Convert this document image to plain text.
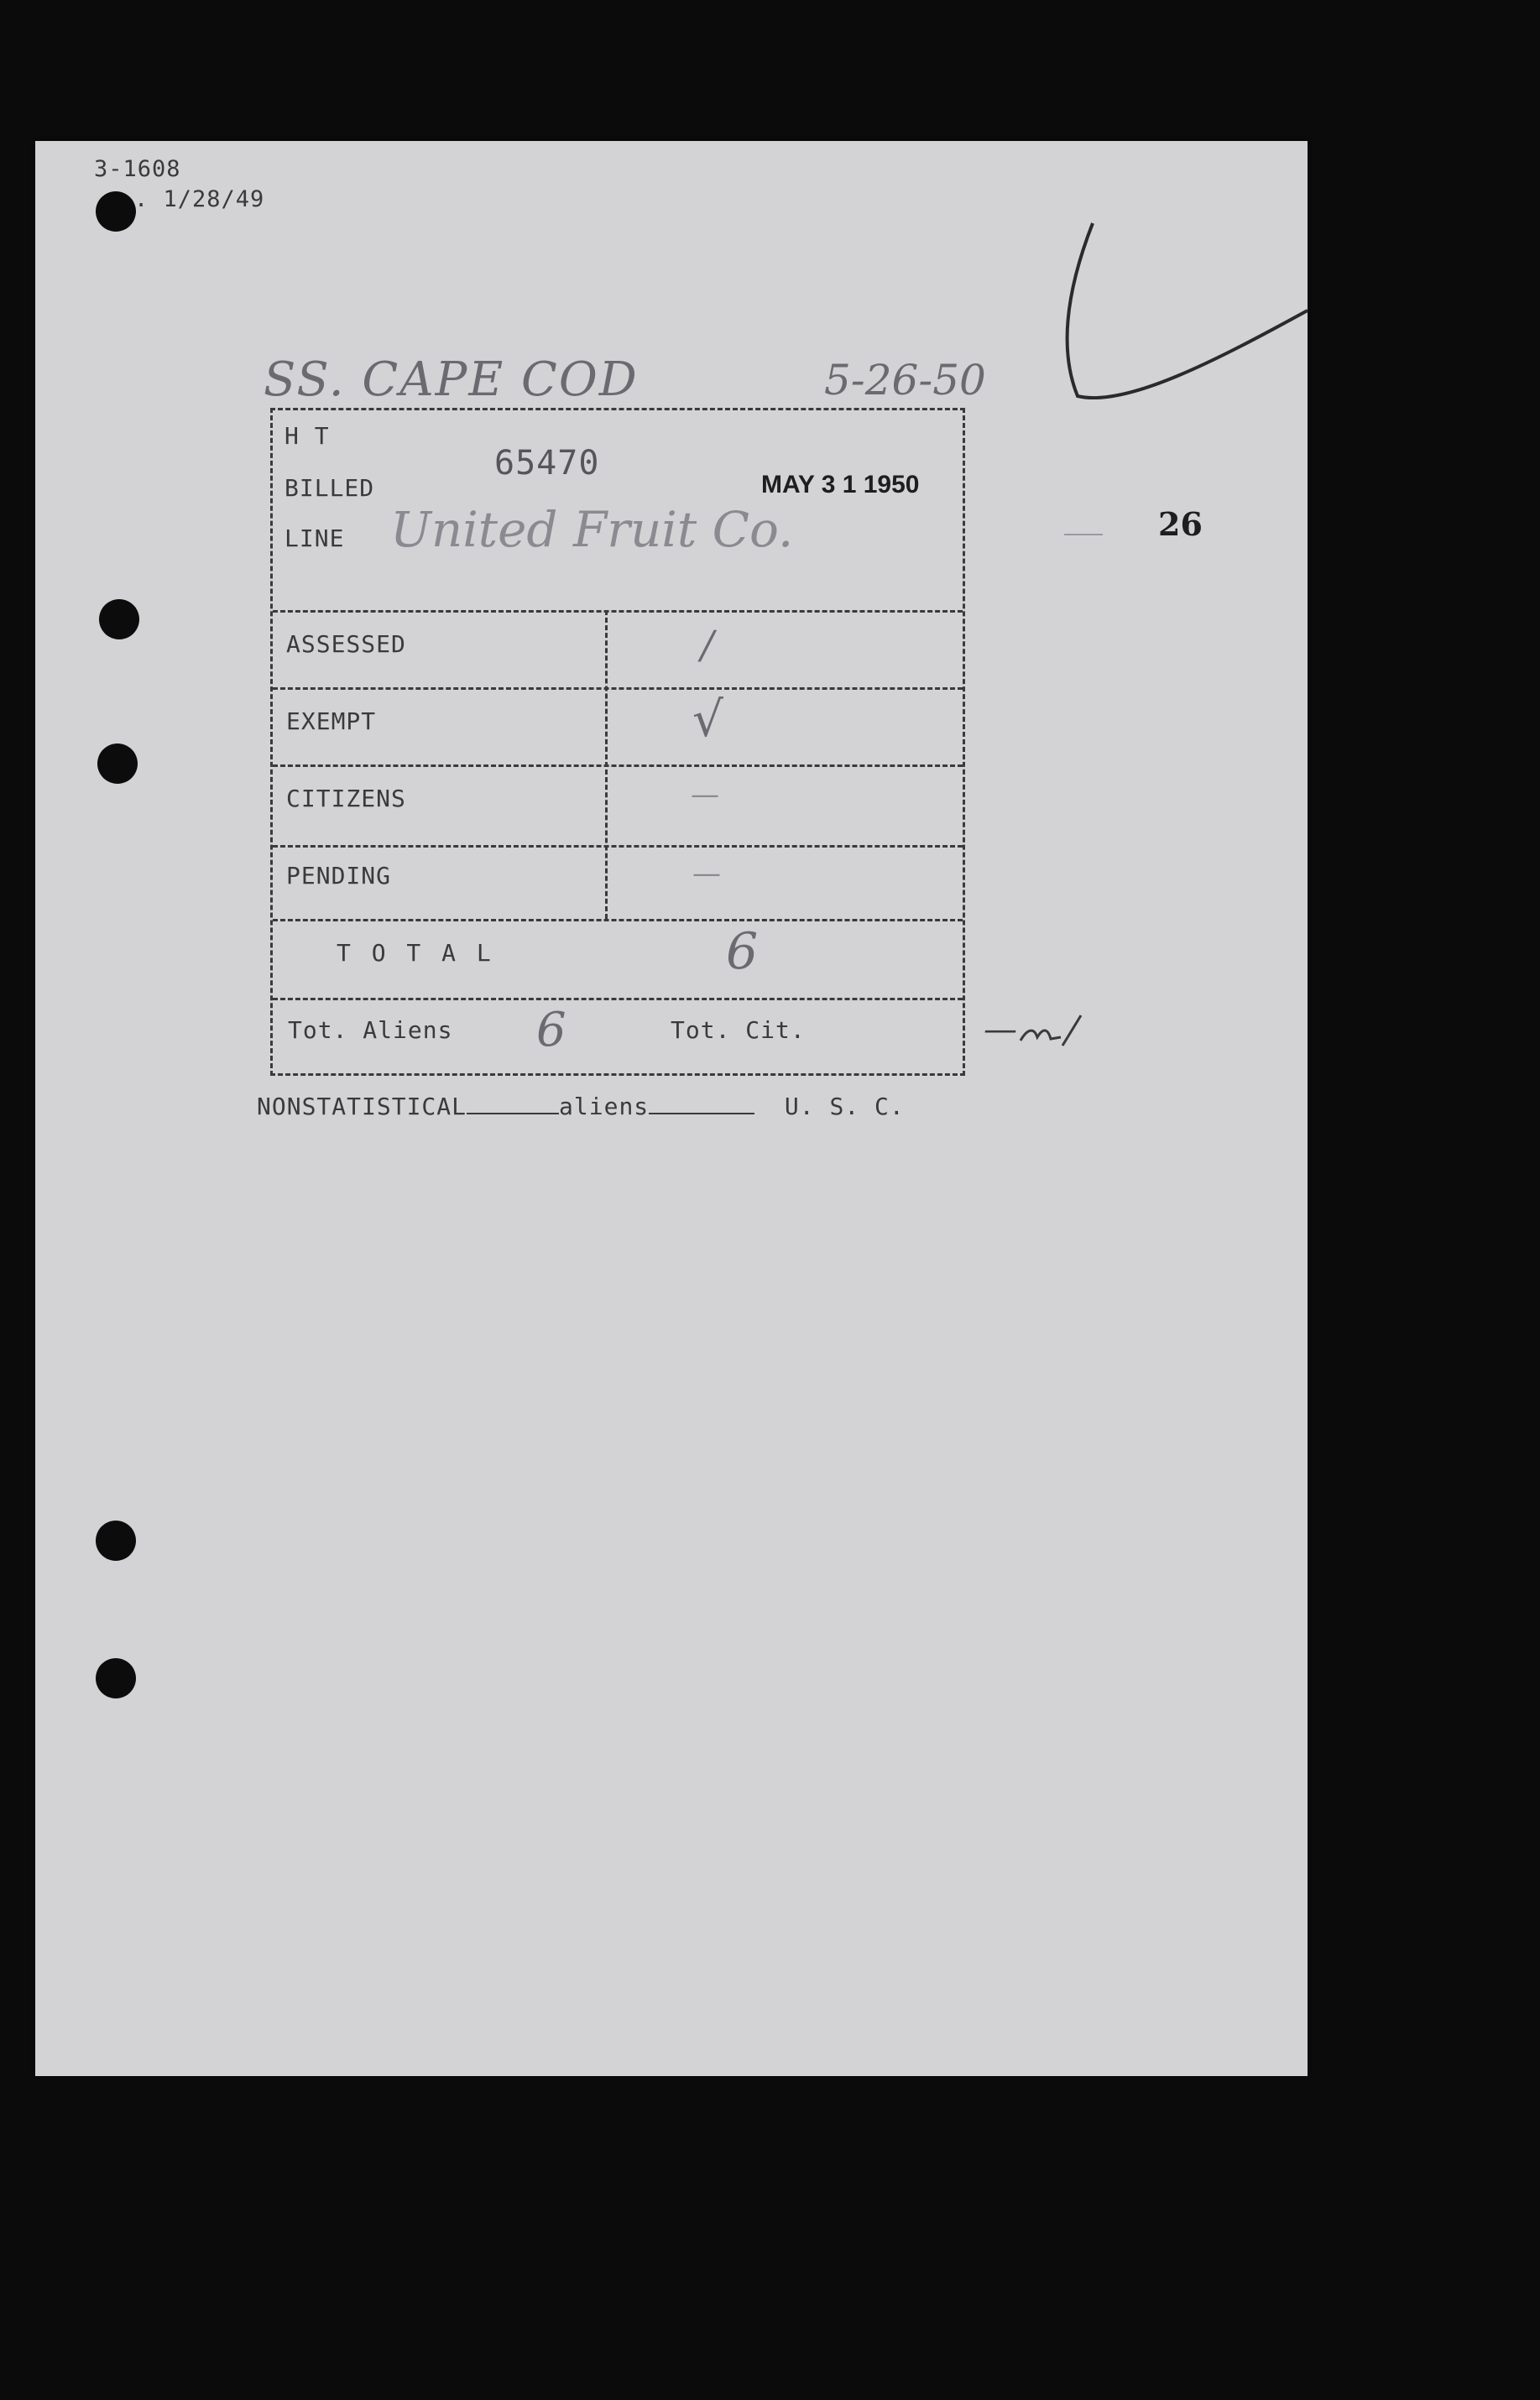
3-1608
. 1/28/49
SS. CAPE COD	5-26-50
26
H T
BILLED
65470
MAY 3 1 1950
LINE United Fruit Co.
ASSESSED	/
EXEMPT	√
CITIZENS	—
PENDING	—
T O T A L	6
Tot. Aliens 6	Tot. Cit.	—
NONSTATISTICAL	aliens	U. S. C.
